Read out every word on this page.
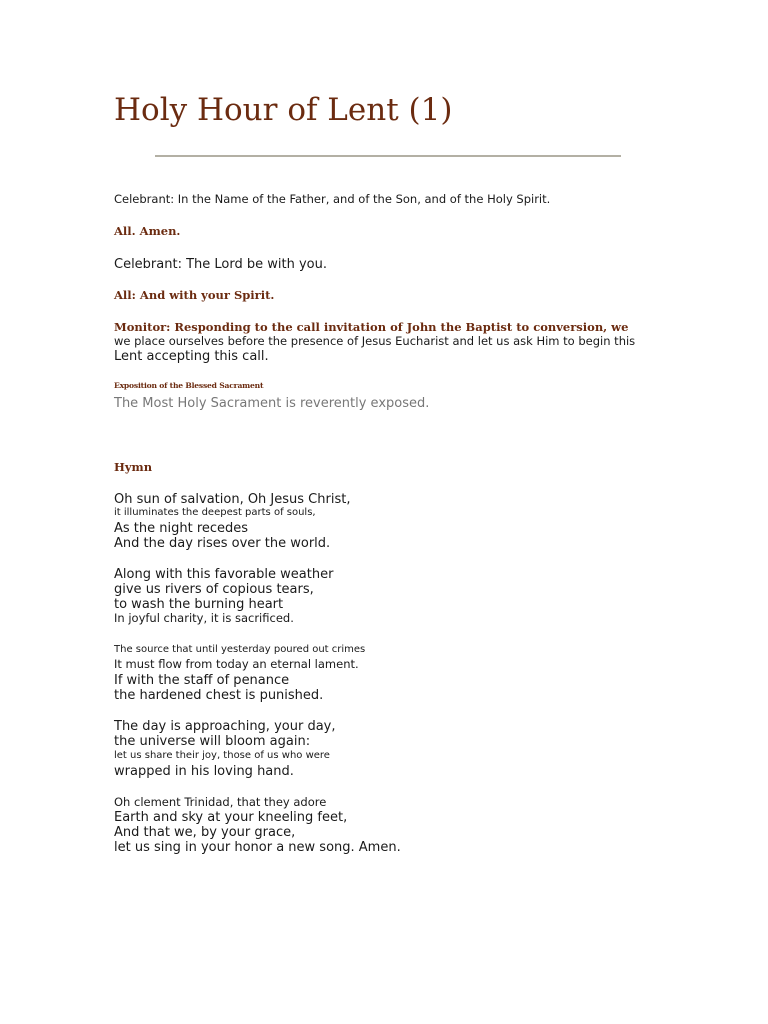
Holy Hour of Lent (1)

Celebrant: In the Name of the Father, and of the Son, and of the Holy Spirit.

All. Amen.

Celebrant: The Lord be with you.

All: And with your Spirit.

Monitor: Responding to the call invitation of John the Baptist to conversion, we

we place ourselves before the presence of Jesus Eucharist and let us ask Him to begin this

Lent accepting this call.

Exposition of the Blessed Sacrament

The Most Holy Sacrament is reverently exposed.

Hymn

Oh sun of salvation, Oh Jesus Christ,

it illuminates the deepest parts of souls,

As the night recedes

And the day rises over the world.

Along with this favorable weather

give us rivers of copious tears,

to wash the burning heart

In joyful charity, it is sacrificed.

The source that until yesterday poured out crimes

It must flow from today an eternal lament.

If with the staff of penance

the hardened chest is punished.

The day is approaching, your day,

the universe will bloom again:

let us share their joy, those of us who were

wrapped in his loving hand.

Oh clement Trinidad, that they adore

Earth and sky at your kneeling feet,

And that we, by your grace,

let us sing in your honor a new song. Amen.
